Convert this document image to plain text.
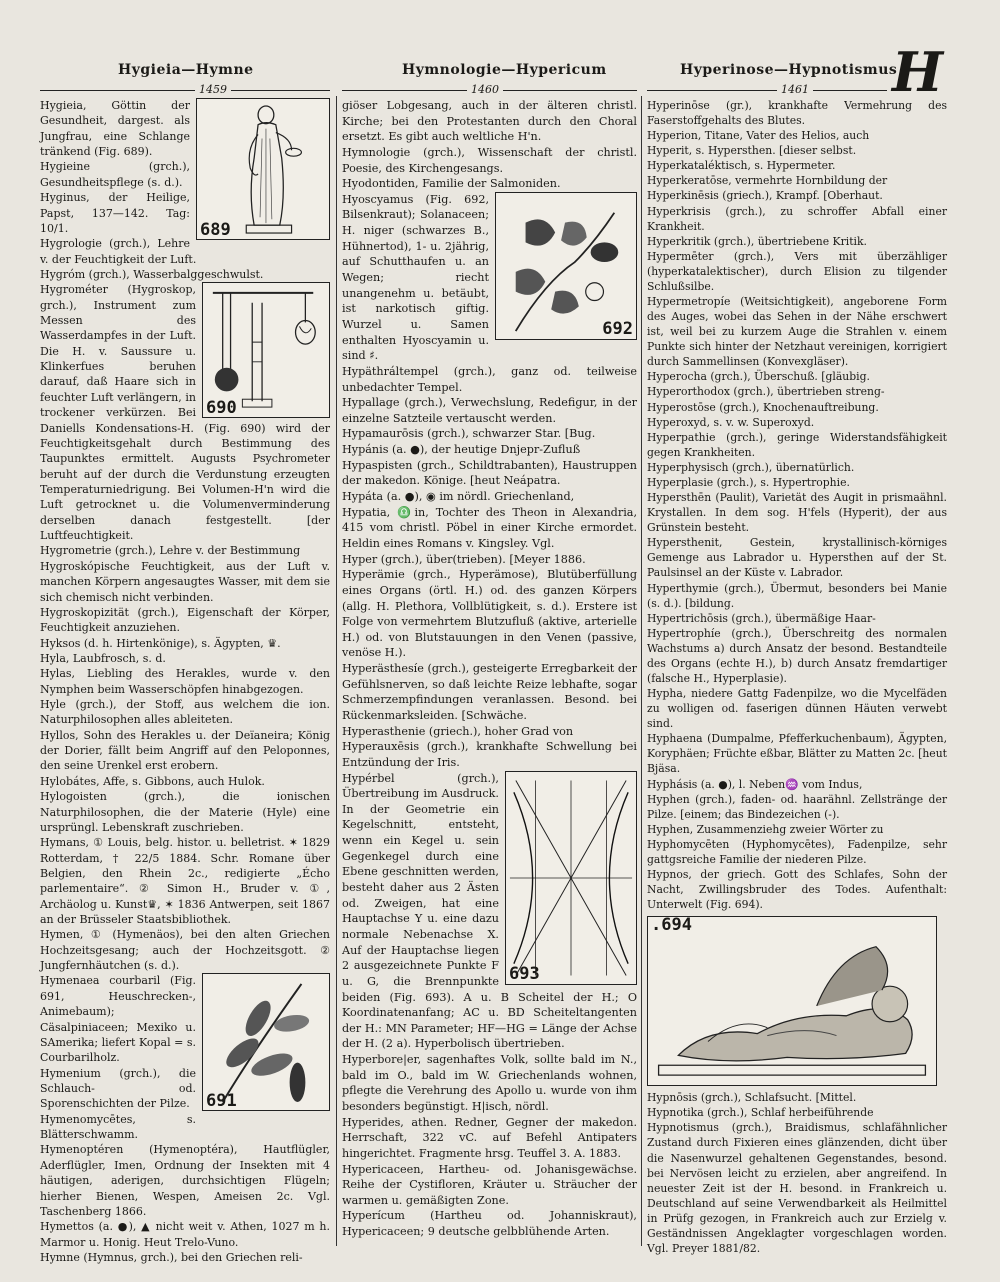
Hygieia—Hymne	Hymnologie—Hypericum	Hyperinose—Hypnotismus
H
1459	1460	1461
689

Hygieia, Göttin der Gesundheit, dargest. als Jungfrau, eine Schlange tränkend (Fig. 689).

Hygieine (grch.), Gesundheitspflege (s. d.).

Hyginus, der Heilige, Papst, 137—142. Tag: 10/1.

Hygrologie (grch.), Lehre v. der Feuchtigkeit der Luft.

Hygróm (grch.), Wasserbalggeschwulst.

690

Hygrométer (Hygroskop, grch.), Instrument zum Messen des Wasserdampfes in der Luft. Die H. v. Saussure u. Klinkerfues beruhen darauf, daß Haare sich in feuchter Luft verlängern, in trockener verkürzen. Bei Daniells Kondensations-H. (Fig. 690) wird der Feuchtigkeitsgehalt durch Bestimmung des Taupunktes ermittelt. Augusts Psychrometer beruht auf der durch die Verdunstung erzeugten Temperaturniedrigung. Bei Volumen-H'n wird die Luft getrocknet u. die Volumenverminderung derselben danach festgestellt. [der Luftfeuchtigkeit.

Hygrometrie (grch.), Lehre v. der Bestimmung

Hygroskópische Feuchtigkeit, aus der Luft v. manchen Körpern angesaugtes Wasser, mit dem sie sich chemisch nicht verbinden.

Hygroskopizität (grch.), Eigenschaft der Körper, Feuchtigkeit anzuziehen.

Hyksos (d. h. Hirtenkönige), s. Ägypten, ♛.

Hyla, Laubfrosch, s. d.

Hylas, Liebling des Herakles, wurde v. den Nymphen beim Wasserschöpfen hinabgezogen.

Hyle (grch.), der Stoff, aus welchem die ion. Naturphilosophen alles ableiteten.

Hyllos, Sohn des Herakles u. der Deïaneira; König der Dorier, fällt beim Angriff auf den Peloponnes, den seine Urenkel erst erobern.

Hylobátes, Affe, s. Gibbons, auch Hulok.

Hylogoisten (grch.), die ionischen Naturphilosophen, die der Materie (Hyle) eine ursprüngl. Lebenskraft zuschrieben.

Hymans, ① Louis, belg. histor. u. belletrist. ✶ 1829 Rotterdam, † 22/5 1884. Schr. Romane über Belgien, den Rhein 2c., redigierte „Écho parlementaire“. ② Simon H., Bruder v. ①, Archäolog u. Kunst♛, ✶ 1836 Antwerpen, seit 1867 an der Brüsseler Staatsbibliothek.

Hymen, ① (Hymenäos), bei den alten Griechen Hochzeitsgesang; auch der Hochzeitsgott. ② Jungfernhäutchen (s. d.).

691

Hymenaea courbaril (Fig. 691, Heuschrecken-, Animebaum); Cäsalpiniaceen; Mexiko u. SAmerika; liefert Kopal = s. Courbarilholz.

Hymenium (grch.), die Schlauch- od. Sporenschichten der Pilze.

Hymenomycētes, s. Blätterschwamm.

Hymenoptéren (Hymenoptéra), Hautflügler, Aderflügler, Imen, Ordnung der Insekten mit 4 häutigen, aderigen, durchsichtigen Flügeln; hierher Bienen, Wespen, Ameisen 2c. Vgl. Taschenberg 1866.

Hymettos (a. ●), ▲ nicht weit v. Athen, 1027 m h. Marmor u. Honig. Heut Trelo-Vuno.

Hymne (Hymnus, grch.), bei den Griechen reli-

giöser Lobgesang, auch in der älteren christl. Kirche; bei den Protestanten durch den Choral ersetzt. Es gibt auch weltliche H'n.

Hymnologie (grch.), Wissenschaft der christl. Poesie, des Kirchengesangs.

Hyodontiden, Familie der Salmoniden.

692

Hyoscyamus (Fig. 692, Bilsenkraut); Solanaceen; H. niger (schwarzes B., Hühnertod), 1- u. 2jährig, auf Schutthaufen u. an Wegen; riecht unangenehm u. betäubt, ist narkotisch giftig. Wurzel u. Samen enthalten Hyoscyamin u. sind ♯.

Hypäthráltempel (grch.), ganz od. teilweise unbedachter Tempel.

Hypallage (grch.), Verwechslung, Redefigur, in der einzelne Satzteile vertauscht werden.

Hypamaurōsis (grch.), schwarzer Star. [Bug.

Hypánis (a. ●), der heutige Dnjepr-Zufluß

Hypaspisten (grch., Schildtrabanten), Haustruppen der makedon. Könige. [heut Neápatra.

Hypáta (a. ●), ◉ im nördl. Griechenland,

Hypatia, ♎in, Tochter des Theon in Alexandria, 415 vom christl. Pöbel in einer Kirche ermordet. Heldin eines Romans v. Kingsley. Vgl.

Hyper (grch.), über(trieben). [Meyer 1886.

Hyperämie (grch., Hyperämose), Blutüberfüllung eines Organs (örtl. H.) od. des ganzen Körpers (allg. H. Plethora, Vollblütigkeit, s. d.). Erstere ist Folge von vermehrtem Blutzufluß (aktive, arterielle H.) od. von Blutstauungen in den Venen (passive, venöse H.).

Hyperästhesíe (grch.), gesteigerte Erregbarkeit der Gefühlsnerven, so daß leichte Reize lebhafte, sogar Schmerzempfindungen veranlassen. Besond. bei Rückenmarksleiden. [Schwäche.

Hyperasthenie (griech.), hoher Grad von

Hyperauxēsis (grch.), krankhafte Schwellung bei Entzündung der Iris.

693

Hypérbel (grch.), Übertreibung im Ausdruck. In der Geometrie ein Kegelschnitt, entsteht, wenn ein Kegel u. sein Gegenkegel durch eine Ebene geschnitten werden, besteht daher aus 2 Ästen od. Zweigen, hat eine Hauptachse Y u. eine dazu normale Nebenachse X. Auf der Hauptachse liegen 2 ausgezeichnete Punkte F u. G, die Brennpunkte beiden (Fig. 693). A u. B Scheitel der H.; O Koordinatenanfang; AC u. BD Scheiteltangenten der H.: MN Parameter; HF—HG = Länge der Achse der H. (2 a). Hyperbolisch übertrieben.

Hyperbore|er, sagenhaftes Volk, sollte bald im N., bald im O., bald im W. Griechenlands wohnen, pflegte die Verehrung des Apollo u. wurde von ihm besonders begünstigt. H|isch, nördl.

Hyperides, athen. Redner, Gegner der makedon. Herrschaft, 322 vC. auf Befehl Antipaters hingerichtet. Fragmente hrsg. Teuffel 3. A. 1883.

Hypericaceen, Hartheu- od. Johanisgewächse. Reihe der Cystifloren, Kräuter u. Sträucher der warmen u. gemäßigten Zone.

Hyperícum (Hartheu od. Johanniskraut), Hypericaceen; 9 deutsche gelbblühende Arten.

Hyperinōse (gr.), krankhafte Vermehrung des Faserstoffgehalts des Blutes.

Hyperion, Titane, Vater des Helios, auch

Hyperit, s. Hypersthen. [dieser selbst.

Hyperkataléktisch, s. Hypermeter.

Hyperkeratōse, vermehrte Hornbildung der

Hyperkinēsis (griech.), Krampf. [Oberhaut.

Hyperkrisis (grch.), zu schroffer Abfall einer Krankheit.

Hyperkritik (grch.), übertriebene Kritik.

Hypermēter (grch.), Vers mit überzähliger (hyperkatalektischer), durch Elision zu tilgender Schlußsilbe.

Hypermetropíe (Weitsichtigkeit), angeborene Form des Auges, wobei das Sehen in der Nähe erschwert ist, weil bei zu kurzem Auge die Strahlen v. einem Punkte sich hinter der Netzhaut vereinigen, korrigiert durch Sammellinsen (Konvexgläser).

Hyperocha (grch.), Überschuß. [gläubig.

Hyperorthodox (grch.), übertrieben streng-

Hyperostōse (grch.), Knochenauftreibung.

Hyperoxyd, s. v. w. Superoxyd.

Hyperpathie (grch.), geringe Widerstandsfähigkeit gegen Krankheiten.

Hyperphysisch (grch.), übernatürlich.

Hyperplasie (grch.), s. Hypertrophie.

Hypersthēn (Paulit), Varietät des Augit in prismaähnl. Krystallen. In dem sog. H'fels (Hyperit), der aus Grünstein besteht.

Hypersthenit, Gestein, krystallinisch-körniges Gemenge aus Labrador u. Hypersthen auf der St. Paulsinsel an der Küste v. Labrador.

Hyperthymie (grch.), Übermut, besonders bei Manie (s. d.). [bildung.

Hypertrichōsis (grch.), übermäßige Haar-

Hypertrophíe (grch.), Überschreitg des normalen Wachstums a) durch Ansatz der besond. Bestandteile des Organs (echte H.), b) durch Ansatz fremdartiger (falsche H., Hyperplasie).

Hypha, niedere Gattg Fadenpilze, wo die Mycelfäden zu wolligen od. faserigen dünnen Häuten verwebt sind.

Hyphaena (Dumpalme, Pfefferkuchenbaum), Ägypten, Koryphäen; Früchte eßbar, Blätter zu Matten 2c. [heut Bjäsa.

Hyphásis (a. ●), l. Neben♒ vom Indus,

Hyphen (grch.), faden- od. haarähnl. Zellstränge der Pilze. [einem; das Bindezeichen (-).

Hyphen, Zusammenziehg zweier Wörter zu

Hyphomycēten (Hyphomycētes), Fadenpilze, sehr gattgsreiche Familie der niederen Pilze.

Hypnos, der griech. Gott des Schlafes, Sohn der Nacht, Zwillingsbruder des Todes. Aufenthalt: Unterwelt (Fig. 694).

.694

Hypnōsis (grch.), Schlafsucht. [Mittel.

Hypnotika (grch.), Schlaf herbeiführende

Hypnotismus (grch.), Braidismus, schlafähnlicher Zustand durch Fixieren eines glänzenden, dicht über die Nasenwurzel gehaltenen Gegenstandes, besond. bei Nervösen leicht zu erzielen, aber angreifend. In neuester Zeit ist der H. besond. in Frankreich u. Deutschland auf seine Verwendbarkeit als Heilmittel in Prüfg gezogen, in Frankreich auch zur Erzielg v. Geständnissen Angeklagter vorgeschlagen worden. Vgl. Preyer 1881/82.
